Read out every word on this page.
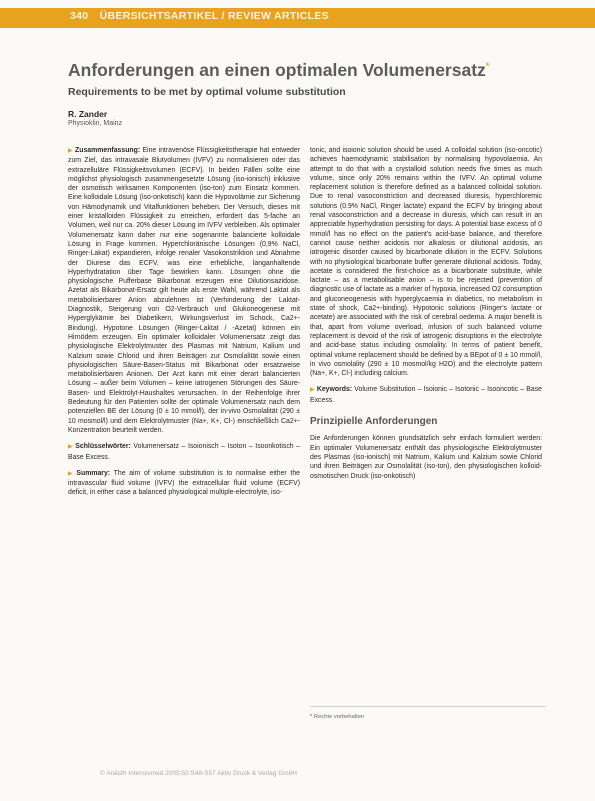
340 ÜBERSICHTSARTIKEL / REVIEW ARTICLES
Anforderungen an einen optimalen Volumenersatz*
Requirements to be met by optimal volume substitution
R. Zander
Physioklin, Mainz

▶ Zusammenfassung: Eine intravenöse Flüssigkeitstherapie hat entweder zum Ziel, das intravasale Blutvolumen (IVFV) zu normalisieren oder das extrazelluläre Flüssigkeitsvolumen (ECFV). In beiden Fällen sollte eine möglichst physiologisch zusammengesetzte Lösung (iso-ionisch) inklusive der osmotisch wirksamen Komponenten (iso-ton) zum Einsatz kommen. Eine kolloidale Lösung (iso-onkotisch) kann die Hypovolämie zur Sicherung von Hämodynamik und Vitalfunktionen beheben. Der Versuch, dieses mit einer kristalloiden Flüssigkeit zu erreichen, erfordert das 5-fache an Volumen, weil nur ca. 20% dieser Lösung im IVFV verbleiben. Als optimaler Volumenersatz kann daher nur eine sogenannte balancierte kolloidale Lösung in Frage kommen. Hyperchloränische Lösungen (0,9% NaCl, Ringer-Lakat) expandieren, infolge renaler Vasokonstriktion und Abnahme der Diurese das ECFV, was eine erhebliche, langanhaltende Hyperhydratation über Tage bewirken kann. Lösungen ohne die physiologische Pufferbase Bikarbonat erzeugen eine Dilutionsazidose. Azetat als Bikarbonat-Ersatz gilt heute als erste Wahl, während Laktat als metabolisierbarer Anion abzulehnen ist (Verhinderung der Laktat-Diagnostik, Steigerung von O2-Verbrauch und Glukoneogenese mit Hyperglykämie bei Diabetikern, Wirkungsverlust im Schock, Ca2+-Bindung). Hypotone Lösungen (Ringer-Laktat / -Azetat) können ein Hirnödem erzeugen. Ein optimaler kolloidaler Volumenersatz zeigt das physiologische Elektrolytmuster des Plasmas mit Natrium, Kalium und Kalzium sowie Chlorid und ihren Beiträgen zur Osmolalität sowie einen physiologischen Säure-Basen-Status mit Bikarbonat oder ersatzweise metabolisierbaren Anionen. Der Arzt kann mit einer derart balancierten Lösung – außer beim Volumen – keine iatrogenen Störungen des Säure-Basen- und Elektrolyt-Haushaltes verursachen. In der Reihenfolge ihrer Bedeutung für den Patienten sollte der optimale Volumenersatz nach dem potenziellen BE der Lösung (0 ± 10 mmol/l), der in-vivo Osmolalität (290 ± 10 mosmol/l) und dem Elektrolytmuster (Na+, K+, Cl-) einschließlich Ca2+-Konzentration beurteilt werden.

▶ Schlüsselwörter: Volumenersatz – Isoionisch – Isoton – Isoonkotisch – Base Excess.

▶ Summary: The aim of volume substitution is to normalise either the intravascular fluid volume (IVFV) the extracellular fluid volume (ECFV) deficit, in either case a balanced physiological multiple-electrolyte, iso-

tonic, and isoionic solution should be used. A colloidal solution (iso-oncotic) achieves haemodynamic stabilisation by normalising hypovolaemia. An attempt to do that with a crystalloid solution needs five times as much volume, since only 20% remains within the IVFV. An optimal volume replacement solution is therefore defined as a balanced colloidal solution. Due to renal vasoconstriction and decreased diuresis, hyperchloremic solutions (0.9% NaCl, Ringer lactate) expand the ECFV by bringing about renal vasoconstriction and a decrease in diuresis, which can result in an appreciable hyperhydration persisting for days. A potential base excess of 0 mmol/l has no effect on the patient's acid-base balance, and therefore cannot cause neither acidosis nor alkalosis or dilutional acidosis, an iatrogenic disorder caused by bicarbonate dilution in the ECFV. Solutions with no physiological bicarbonate buffer generate dilutional acidosis. Today, acetate is considered the first-choice as a bicarbonate substitute, while lactate – as a metabolisable anion – is to be rejected (prevention of diagnostic use of lactate as a marker of hypoxia, increased O2 consumption and gluconeogenesis with hyperglycaemia in diabetics, no metabolism in state of shock, Ca2+-binding). Hypotonic solutions (Ringer's lactate or acetate) are associated with the risk of cerebral oedema. A major benefit is that, apart from volume overload, infusion of such balanced volume replacement is devoid of the risk of iatrogenic disruptions in the electrolyte and acid-base status including osmolality. In terms of patient benefit, optimal volume replacement should be defined by a BEpot of 0 ± 10 mmol/l, in vivo osmolality (290 ± 10 mosmol/kg H2O) and the electrolyte pattern (Na+, K+, Cl-) including calcium.

▶ Keywords: Volume Substitution – Isoionic – Isotonic – Isooncotic – Base Excess.

Prinzipielle Anforderungen

Die Anforderungen können grundsätzlich sehr einfach formuliert werden: Ein optimaler Volumenersatz enthält das physiologische Elektrolytmuster des Plasmas (iso-ionisch) mit Natrium, Kalium und Kalzium sowie Chlorid und ihren Beiträgen zur Osmolalität (iso-ton), den physiologischen kolloid-osmotischen Druck (iso-onkotisch)

* Rechte vorbehalten
© Anästh Intensivmed 2009;50:S48-S57 Aktiv Druck & Verlag GmbH
